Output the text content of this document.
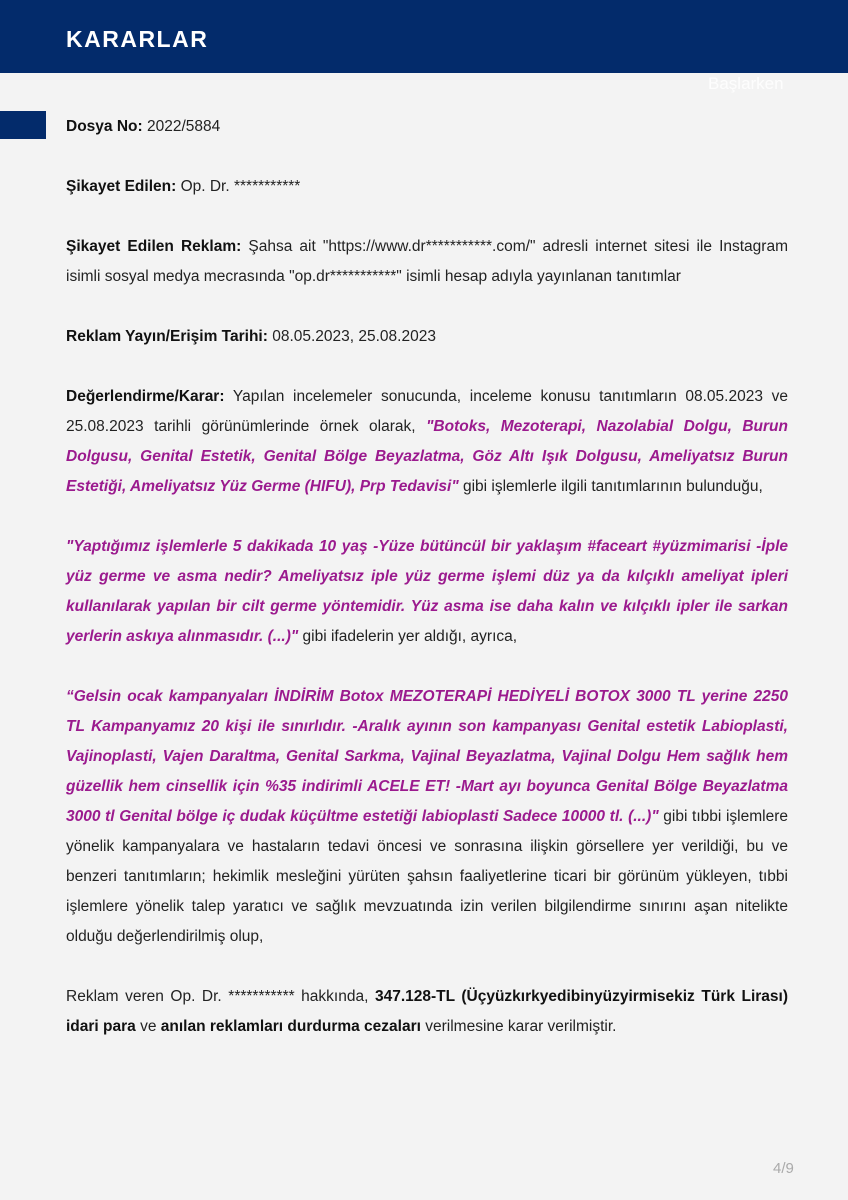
KARARLAR
Başlarken

Dosya No: 2022/5884

Şikayet Edilen: Op. Dr. ***********

Şikayet Edilen Reklam: Şahsa ait "https://www.dr***********.com/" adresli internet sitesi ile Instagram isimli sosyal medya mecrasında "op.dr***********" isimli hesap adıyla yayınlanan tanıtımlar

Reklam Yayın/Erişim Tarihi: 08.05.2023, 25.08.2023

Değerlendirme/Karar: Yapılan incelemeler sonucunda, inceleme konusu tanıtımların 08.05.2023 ve 25.08.2023 tarihli görünümlerinde örnek olarak, "Botoks, Mezoterapi, Nazolabial Dolgu, Burun Dolgusu, Genital Estetik, Genital Bölge Beyazlatma, Göz Altı Işık Dolgusu, Ameliyatsız Burun Estetiği, Ameliyatsız Yüz Germe (HIFU), Prp Tedavisi" gibi işlemlerle ilgili tanıtımlarının bulunduğu,

"Yaptığımız işlemlerle 5 dakikada 10 yaş -Yüze bütüncül bir yaklaşım #faceart #yüzmimarisi -İple yüz germe ve asma nedir? Ameliyatsız iple yüz germe işlemi düz ya da kılçıklı ameliyat ipleri kullanılarak yapılan bir cilt germe yöntemidir. Yüz asma ise daha kalın ve kılçıklı ipler ile sarkan yerlerin askıya alınmasıdır. (...)" gibi ifadelerin yer aldığı, ayrıca,

“Gelsin ocak kampanyaları İNDİRİM Botox MEZOTERAPİ HEDİYELİ BOTOX 3000 TL yerine 2250 TL Kampanyamız 20 kişi ile sınırlıdır. -Aralık ayının son kampanyası Genital estetik Labioplasti, Vajinoplasti, Vajen Daraltma, Genital Sarkma, Vajinal Beyazlatma, Vajinal Dolgu Hem sağlık hem güzellik hem cinsellik için %35 indirimli ACELE ET! -Mart ayı boyunca Genital Bölge Beyazlatma 3000 tl Genital bölge iç dudak küçültme estetiği labioplasti Sadece 10000 tl. (...)" gibi tıbbi işlemlere yönelik kampanyalara ve hastaların tedavi öncesi ve sonrasına ilişkin görsellere yer verildiği, bu ve benzeri tanıtımların; hekimlik mesleğini yürüten şahsın faaliyetlerine ticari bir görünüm yükleyen, tıbbi işlemlere yönelik talep yaratıcı ve sağlık mevzuatında izin verilen bilgilendirme sınırını aşan nitelikte olduğu değerlendirilmiş olup,

Reklam veren Op. Dr. *********** hakkında, 347.128-TL (Üçyüzkırkyedibinyüzyirmisekiz Türk Lirası) idari para ve anılan reklamları durdurma cezaları verilmesine karar verilmiştir.

4/9
